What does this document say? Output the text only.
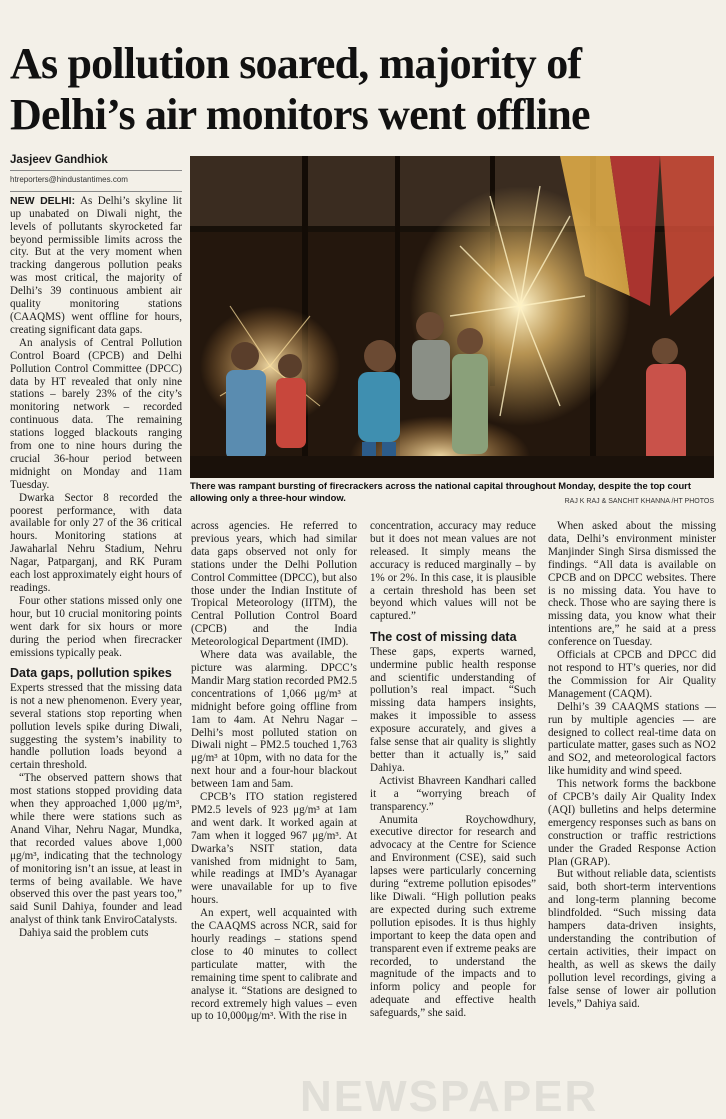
As pollution soared, majority of Delhi’s air monitors went offline
Jasjeev Gandhiok
htreporters@hindustantimes.com

NEW DELHI: As Delhi’s skyline lit up unabated on Diwali night, the levels of pollutants skyrocketed far beyond permissible limits across the city. But at the very moment when tracking dangerous pollution peaks was most critical, the majority of Delhi’s 39 continuous ambient air quality monitoring stations (CAAQMS) went offline for hours, creating significant data gaps.

An analysis of Central Pollution Control Board (CPCB) and Delhi Pollution Control Committee (DPCC) data by HT revealed that only nine stations – barely 23% of the city’s monitoring network – recorded continuous data. The remaining stations logged blackouts ranging from one to nine hours during the crucial 36-hour period between midnight on Monday and 11am Tuesday.

Dwarka Sector 8 recorded the poorest performance, with data available for only 27 of the 36 critical hours. Monitoring stations at Jawaharlal Nehru Stadium, Nehru Nagar, Patparganj, and RK Puram each lost approximately eight hours of readings.

Four other stations missed only one hour, but 10 crucial monitoring points went dark for six hours or more during the period when firecracker emissions typically peak.

Data gaps, pollution spikes

Experts stressed that the missing data is not a new phenomenon. Every year, several stations stop reporting when pollution levels spike during Diwali, suggesting the system’s inability to handle pollution loads beyond a certain threshold.

“The observed pattern shows that most stations stopped providing data when they approached 1,000 μg/m³, while there were stations such as Anand Vihar, Nehru Nagar, Mundka, that recorded values above 1,000 μg/m³, indicating that the technology of monitoring isn’t an issue, at least in terms of being available. We have observed this over the past years too,” said Sunil Dahiya, founder and lead analyst of think tank EnviroCatalysts.

Dahiya said the problem cuts

There was rampant bursting of firecrackers across the national capital throughout Monday, despite the top court allowing only a three-hour window.	RAJ K RAJ & SANCHIT KHANNA /HT PHOTOS

across agencies. He referred to previous years, which had similar data gaps observed not only for stations under the Delhi Pollution Control Committee (DPCC), but also those under the Indian Institute of Tropical Meteorology (IITM), the Central Pollution Control Board (CPCB) and the India Meteorological Department (IMD).

Where data was available, the picture was alarming. DPCC’s Mandir Marg station recorded PM2.5 concentrations of 1,066 μg/m³ at midnight before going offline from 1am to 4am. At Nehru Nagar – Delhi’s most polluted station on Diwali night – PM2.5 touched 1,763 μg/m³ at 10pm, with no data for the next hour and a four-hour blackout between 1am and 5am.

CPCB’s ITO station registered PM2.5 levels of 923 μg/m³ at 1am and went dark. It worked again at 7am when it logged 967 μg/m³. At Dwarka’s NSIT station, data vanished from midnight to 5am, while readings at IMD’s Ayanagar were unavailable for up to five hours.

An expert, well acquainted with the CAAQMS across NCR, said for hourly readings – stations spend close to 40 minutes to collect particulate matter, with the remaining time spent to calibrate and analyse it. “Stations are designed to record extremely high values – even up to 10,000μg/m³. With the rise in

concentration, accuracy may reduce but it does not mean values are not released. It simply means the accuracy is reduced marginally – by 1% or 2%. In this case, it is plausible a certain threshold has been set beyond which values will not be captured.”

The cost of missing data

These gaps, experts warned, undermine public health response and scientific understanding of pollution’s real impact. “Such missing data hampers insights, makes it impossible to assess exposure accurately, and gives a false sense that air quality is slightly better than it actually is,” said Dahiya.

Activist Bhavreen Kandhari called it a “worrying breach of transparency.”

Anumita Roychowdhury, executive director for research and advocacy at the Centre for Science and Environment (CSE), said such lapses were particularly concerning during “extreme pollution episodes” like Diwali. “High pollution peaks are expected during such extreme pollution episodes. It is thus highly important to keep the data open and transparent even if extreme peaks are recorded, to understand the magnitude of the impacts and to inform policy and people for adequate and effective health safeguards,” she said.

When asked about the missing data, Delhi’s environment minister Manjinder Singh Sirsa dismissed the findings. “All data is available on CPCB and on DPCC websites. There is no missing data. You have to check. Those who are saying there is missing data, you know what their intentions are,” he said at a press conference on Tuesday.

Officials at CPCB and DPCC did not respond to HT’s queries, nor did the Commission for Air Quality Management (CAQM).

Delhi’s 39 CAAQMS stations — run by multiple agencies — are designed to collect real-time data on particulate matter, gases such as NO2 and SO2, and meteorological factors like humidity and wind speed.

This network forms the backbone of CPCB’s daily Air Quality Index (AQI) bulletins and helps determine emergency responses such as bans on construction or traffic restrictions under the Graded Response Action Plan (GRAP).

But without reliable data, scientists said, both short-term interventions and long-term planning become blindfolded. “Such missing data hampers data-driven insights, understanding the contribution of certain activities, their impact on health, as well as skews the daily pollution level recordings, giving a false sense of lower air pollution levels,” Dahiya said.

NEWSPAPER
